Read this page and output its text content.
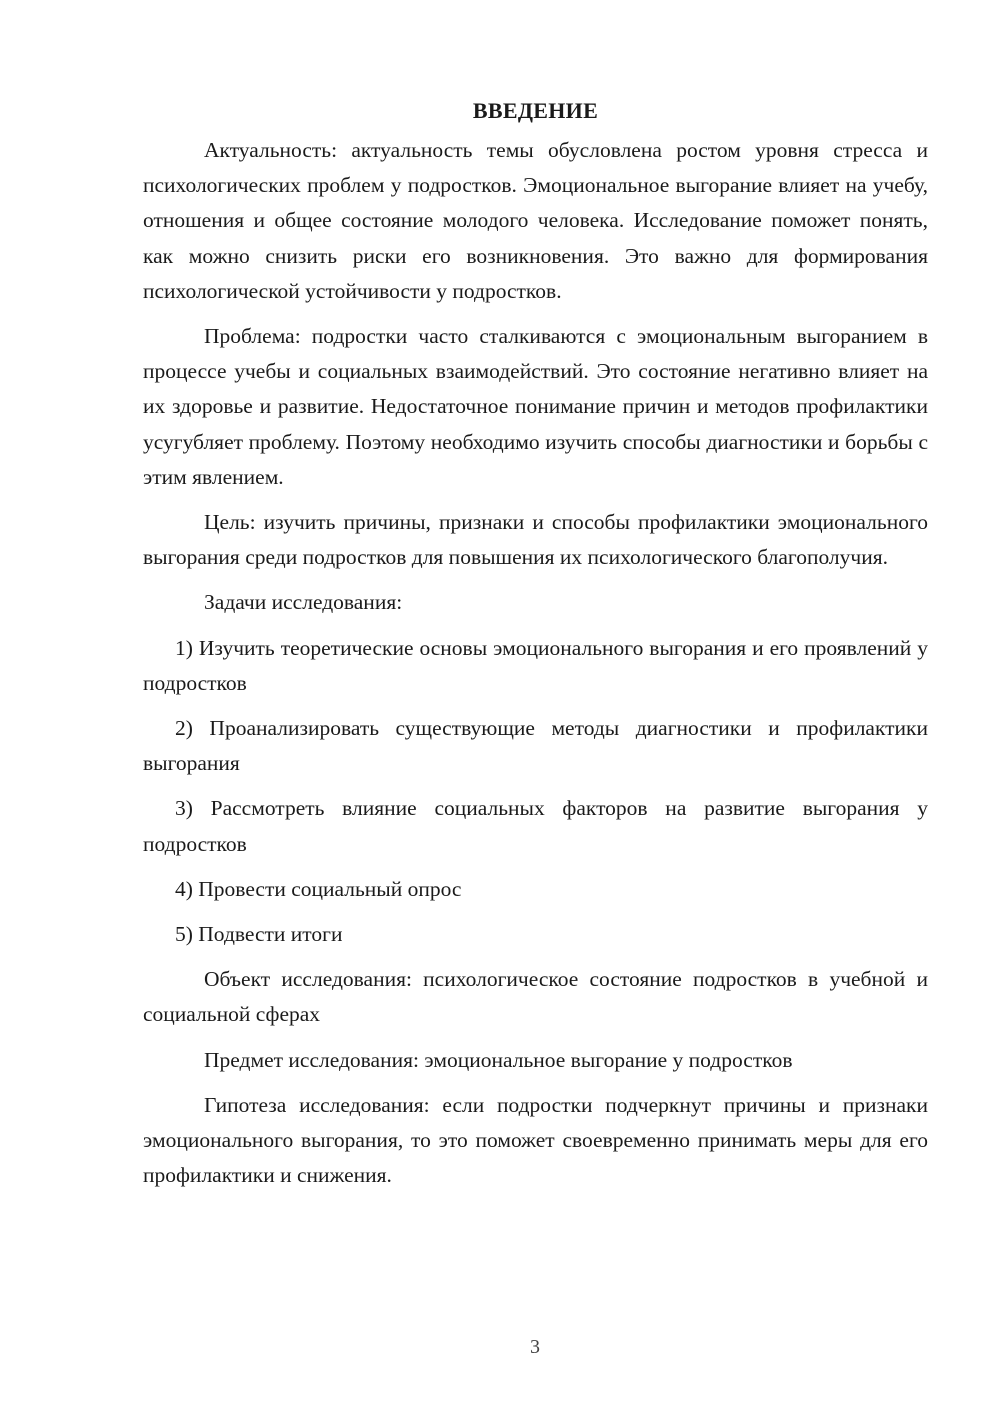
ВВЕДЕНИЕ

Актуальность: актуальность темы обусловлена ростом уровня стресса и психологических проблем у подростков. Эмоциональное выгорание влияет на учебу, отношения и общее состояние молодого человека. Исследование поможет понять, как можно снизить риски его возникновения. Это важно для формирования психологической устойчивости у подростков.

Проблема: подростки часто сталкиваются с эмоциональным выгоранием в процессе учебы и социальных взаимодействий. Это состояние негативно влияет на их здоровье и развитие. Недостаточное понимание причин и методов профилактики усугубляет проблему. Поэтому необходимо изучить способы диагностики и борьбы с этим явлением.

Цель: изучить причины, признаки и способы профилактики эмоционального выгорания среди подростков для повышения их психологического благополучия.

Задачи исследования:

1) Изучить теоретические основы эмоционального выгорания и его проявлений у подростков

2) Проанализировать существующие методы диагностики и профилактики выгорания

3) Рассмотреть влияние социальных факторов на развитие выгорания у подростков

4) Провести социальный опрос

5) Подвести итоги

Объект исследования: психологическое состояние подростков в учебной и социальной сферах

Предмет исследования: эмоциональное выгорание у подростков

Гипотеза исследования: если подростки подчеркнут причины и признаки эмоционального выгорания, то это поможет своевременно принимать меры для его профилактики и снижения.

3
